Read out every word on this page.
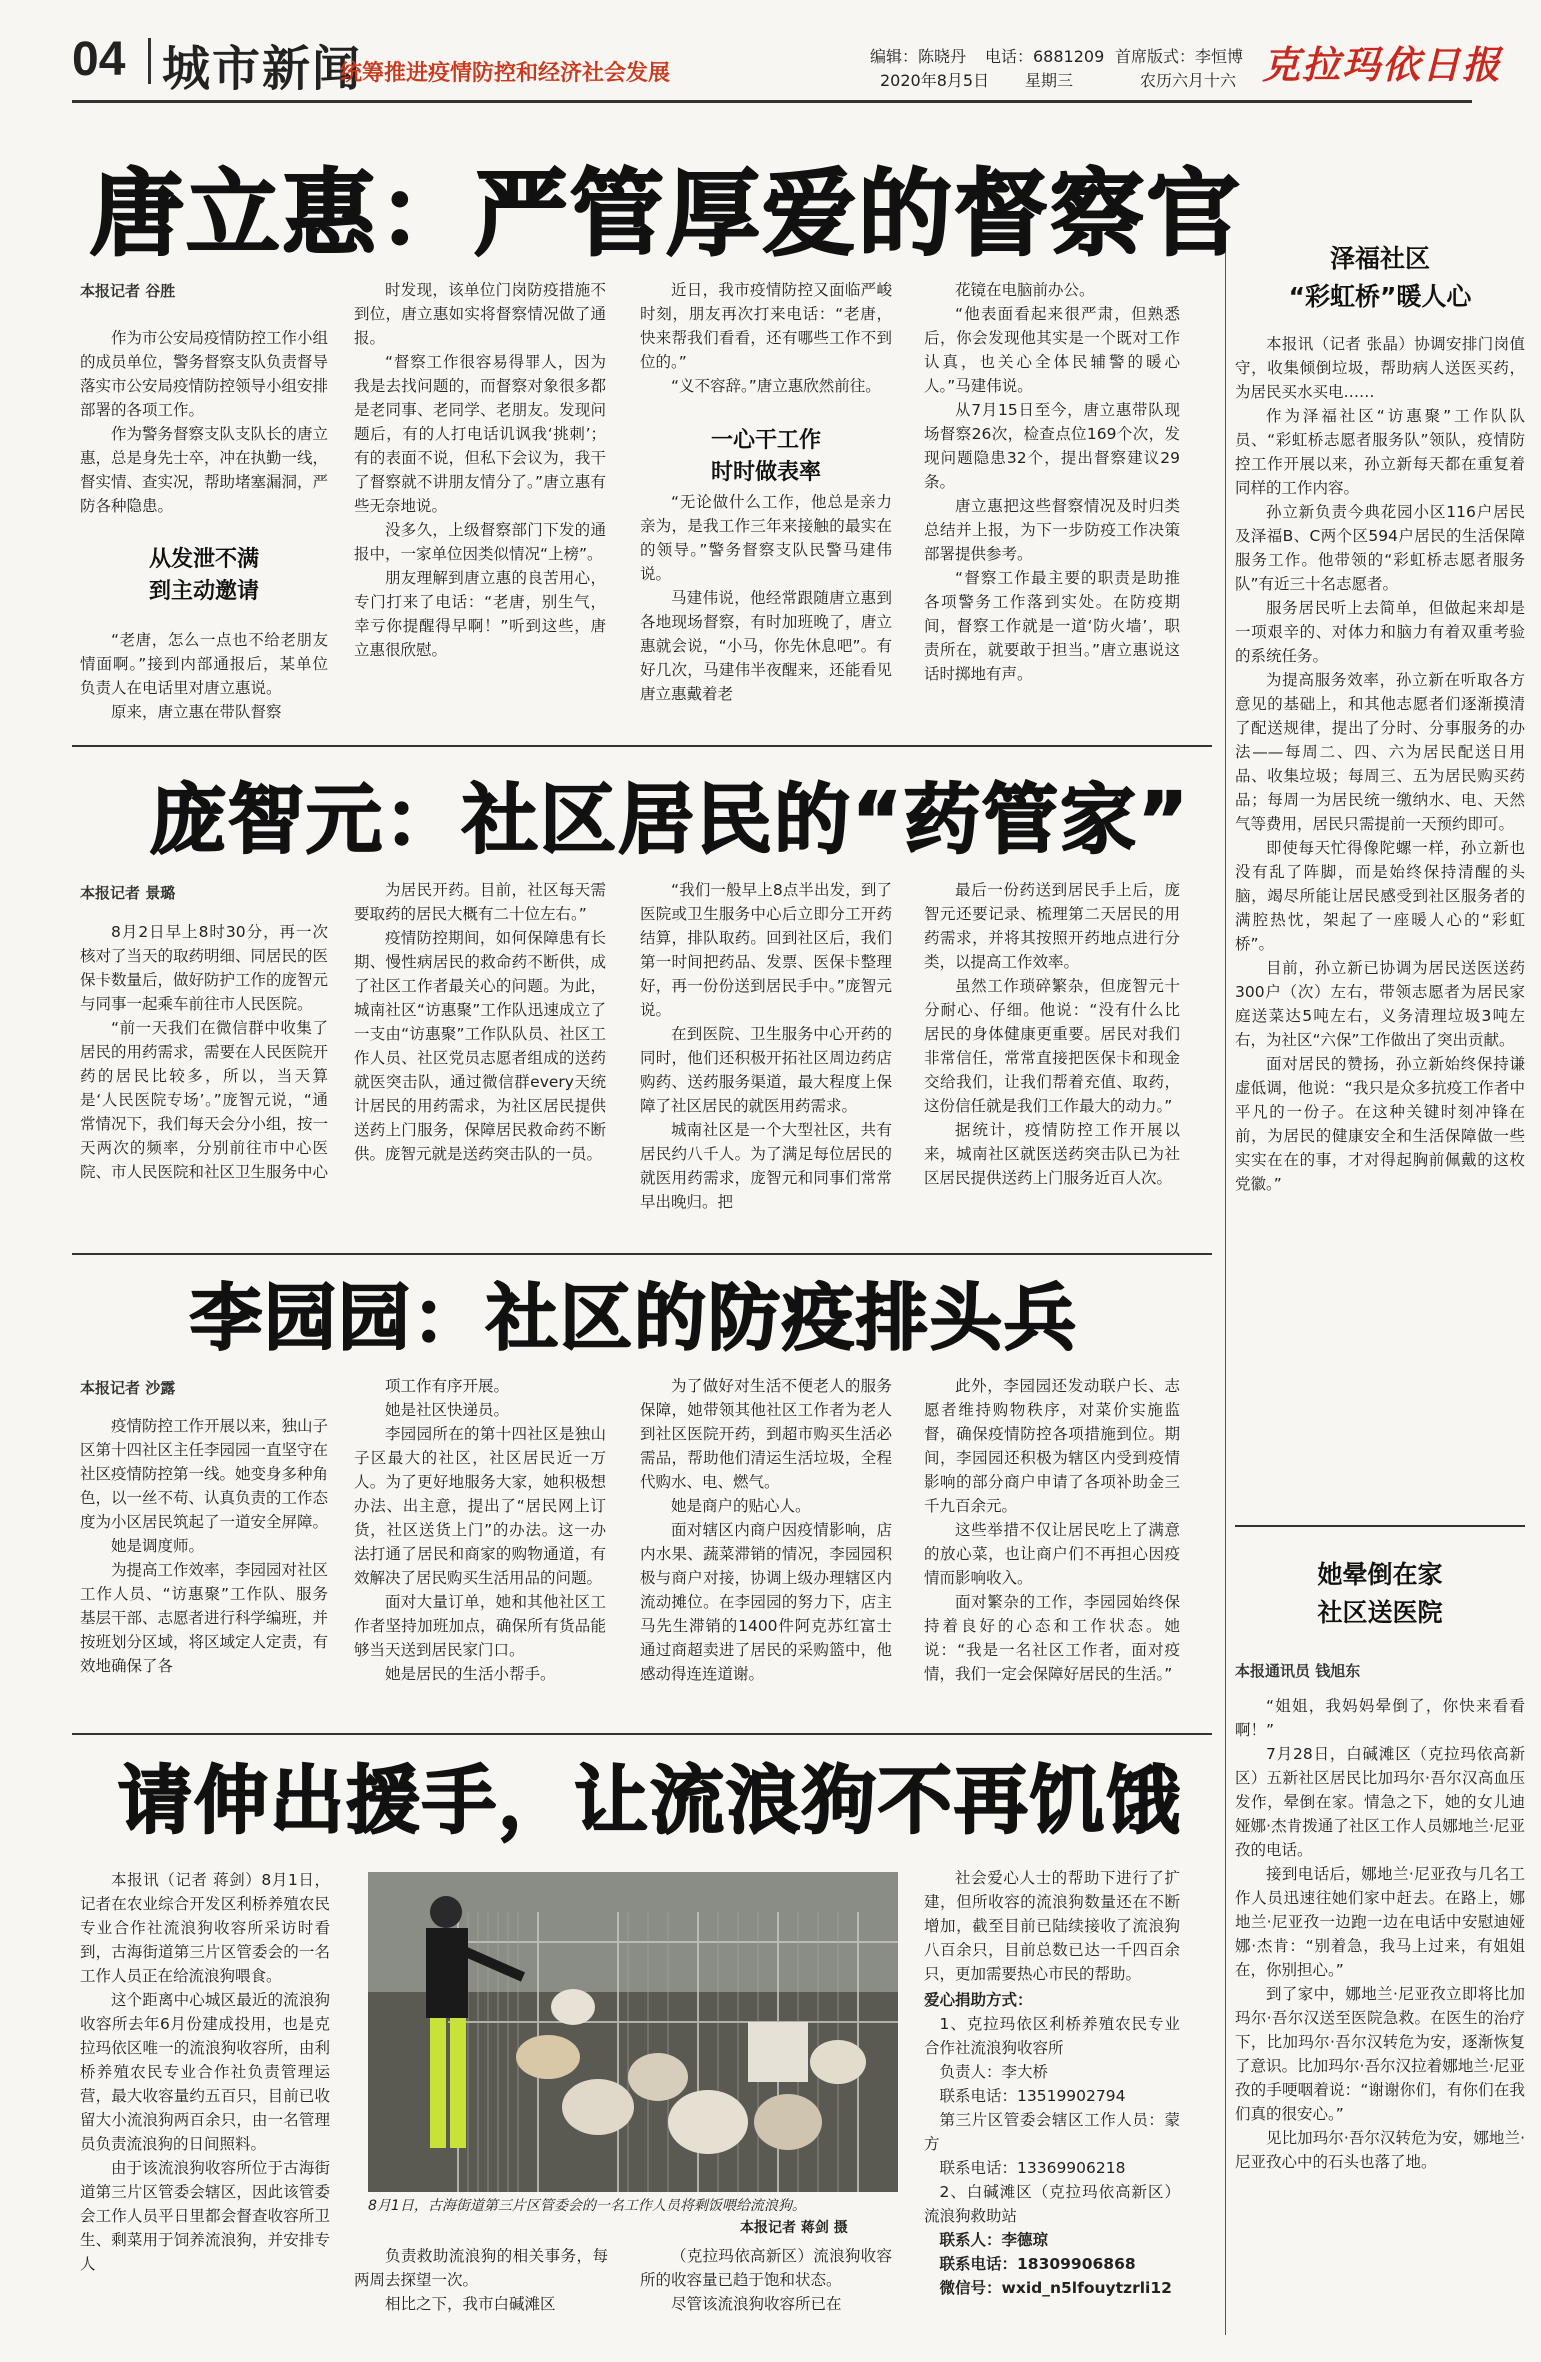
04 城市新闻
统筹推进疫情防控和经济社会发展
编辑：陈晓丹 电话：6881209 首席版式：李恒博
2020年8月5日 星期三	农历六月十六 克拉玛依日报
唐立惠：严管厚爱的督察官
本报记者 谷胜

作为市公安局疫情防控工作小组的成员单位，警务督察支队负责督导落实市公安局疫情防控领导小组安排部署的各项工作。

作为警务督察支队支队长的唐立惠，总是身先士卒，冲在执勤一线，督实情、查实况，帮助堵塞漏洞，严防各种隐患。

从发泄不满
到主动邀请

“老唐，怎么一点也不给老朋友情面啊。”接到内部通报后，某单位负责人在电话里对唐立惠说。

原来，唐立惠在带队督察

时发现，该单位门岗防疫措施不到位，唐立惠如实将督察情况做了通报。

“督察工作很容易得罪人，因为我是去找问题的，而督察对象很多都是老同事、老同学、老朋友。发现问题后，有的人打电话讥讽我‘挑刺’；有的表面不说，但私下会议为，我干了督察就不讲朋友情分了。”唐立惠有些无奈地说。

没多久，上级督察部门下发的通报中，一家单位因类似情况“上榜”。

朋友理解到唐立惠的良苦用心，专门打来了电话：“老唐，别生气，幸亏你提醒得早啊！”听到这些，唐立惠很欣慰。

近日，我市疫情防控又面临严峻时刻，朋友再次打来电话：“老唐，快来帮我们看看，还有哪些工作不到位的。”

“义不容辞。”唐立惠欣然前往。

一心干工作
时时做表率

“无论做什么工作，他总是亲力亲为，是我工作三年来接触的最实在的领导。”警务督察支队民警马建伟说。

马建伟说，他经常跟随唐立惠到各地现场督察，有时加班晚了，唐立惠就会说，“小马，你先休息吧”。有好几次，马建伟半夜醒来，还能看见唐立惠戴着老

花镜在电脑前办公。

“他表面看起来很严肃，但熟悉后，你会发现他其实是一个既对工作认真，也关心全体民辅警的暖心人。”马建伟说。

从7月15日至今，唐立惠带队现场督察26次，检查点位169个次，发现问题隐患32个，提出督察建议29条。

唐立惠把这些督察情况及时归类总结并上报，为下一步防疫工作决策部署提供参考。

“督察工作最主要的职责是助推各项警务工作落到实处。在防疫期间，督察工作就是一道‘防火墙’，职责所在，就要敢于担当。”唐立惠说这话时掷地有声。

庞智元：社区居民的“药管家”
本报记者 景璐

8月2日早上8时30分，再一次核对了当天的取药明细、同居民的医保卡数量后，做好防护工作的庞智元与同事一起乘车前往市人民医院。

“前一天我们在微信群中收集了居民的用药需求，需要在人民医院开药的居民比较多，所以，当天算是‘人民医院专场’。”庞智元说，“通常情况下，我们每天会分小组，按一天两次的频率，分别前往市中心医院、市人民医院和社区卫生服务中心

为居民开药。目前，社区每天需要取药的居民大概有二十位左右。”

疫情防控期间，如何保障患有长期、慢性病居民的救命药不断供，成了社区工作者最关心的问题。为此，城南社区“访惠聚”工作队迅速成立了一支由“访惠聚”工作队队员、社区工作人员、社区党员志愿者组成的送药就医突击队，通过微信群every天统计居民的用药需求，为社区居民提供送药上门服务，保障居民救命药不断供。庞智元就是送药突击队的一员。

“我们一般早上8点半出发，到了医院或卫生服务中心后立即分工开药结算，排队取药。回到社区后，我们第一时间把药品、发票、医保卡整理好，再一份份送到居民手中。”庞智元说。

在到医院、卫生服务中心开药的同时，他们还积极开拓社区周边药店购药、送药服务渠道，最大程度上保障了社区居民的就医用药需求。

城南社区是一个大型社区，共有居民约八千人。为了满足每位居民的就医用药需求，庞智元和同事们常常早出晚归。把

最后一份药送到居民手上后，庞智元还要记录、梳理第二天居民的用药需求，并将其按照开药地点进行分类，以提高工作效率。

虽然工作琐碎繁杂，但庞智元十分耐心、仔细。他说：“没有什么比居民的身体健康更重要。居民对我们非常信任，常常直接把医保卡和现金交给我们，让我们帮着充值、取药，这份信任就是我们工作最大的动力。”

据统计，疫情防控工作开展以来，城南社区就医送药突击队已为社区居民提供送药上门服务近百人次。

李园园：社区的防疫排头兵
本报记者 沙露

疫情防控工作开展以来，独山子区第十四社区主任李园园一直坚守在社区疫情防控第一线。她变身多种角色，以一丝不苟、认真负责的工作态度为小区居民筑起了一道安全屏障。

她是调度师。

为提高工作效率，李园园对社区工作人员、“访惠聚”工作队、服务基层干部、志愿者进行科学编班，并按班划分区域，将区域定人定责，有效地确保了各

项工作有序开展。

她是社区快递员。

李园园所在的第十四社区是独山子区最大的社区，社区居民近一万人。为了更好地服务大家，她积极想办法、出主意，提出了“居民网上订货，社区送货上门”的办法。这一办法打通了居民和商家的购物通道，有效解决了居民购买生活用品的问题。

面对大量订单，她和其他社区工作者坚持加班加点，确保所有货品能够当天送到居民家门口。

她是居民的生活小帮手。

为了做好对生活不便老人的服务保障，她带领其他社区工作者为老人到社区医院开药，到超市购买生活必需品，帮助他们清运生活垃圾，全程代购水、电、燃气。

她是商户的贴心人。

面对辖区内商户因疫情影响，店内水果、蔬菜滞销的情况，李园园积极与商户对接，协调上级办理辖区内流动摊位。在李园园的努力下，店主马先生滞销的1400件阿克苏红富士通过商超卖进了居民的采购篮中，他感动得连连道谢。

此外，李园园还发动联户长、志愿者维持购物秩序，对菜价实施监督，确保疫情防控各项措施到位。期间，李园园还积极为辖区内受到疫情影响的部分商户申请了各项补助金三千九百余元。

这些举措不仅让居民吃上了满意的放心菜，也让商户们不再担心因疫情而影响收入。

面对繁杂的工作，李园园始终保持着良好的心态和工作状态。她说：“我是一名社区工作者，面对疫情，我们一定会保障好居民的生活。”

请伸出援手，让流浪狗不再饥饿

本报讯（记者 蒋剑）8月1日，记者在农业综合开发区利桥养殖农民专业合作社流浪狗收容所采访时看到，古海街道第三片区管委会的一名工作人员正在给流浪狗喂食。

这个距离中心城区最近的流浪狗收容所去年6月份建成投用，也是克拉玛依区唯一的流浪狗收容所，由利桥养殖农民专业合作社负责管理运营，最大收容量约五百只，目前已收留大小流浪狗两百余只，由一名管理员负责流浪狗的日间照料。

由于该流浪狗收容所位于古海街道第三片区管委会辖区，因此该管委会工作人员平日里都会督查收容所卫生、剩菜用于饲养流浪狗，并安排专人

8月1日，古海街道第三片区管委会的一名工作人员将剩饭喂给流浪狗。
本报记者 蒋剑 摄

负责救助流浪狗的相关事务，每两周去探望一次。

相比之下，我市白碱滩区

（克拉玛依高新区）流浪狗收容所的收容量已趋于饱和状态。

尽管该流浪狗收容所已在

社会爱心人士的帮助下进行了扩建，但所收容的流浪狗数量还在不断增加，截至目前已陆续接收了流浪狗八百余只，目前总数已达一千四百余只，更加需要热心市民的帮助。

爱心捐助方式：
1、克拉玛依区利桥养殖农民专业合作社流浪狗收容所
负责人：李大桥
联系电话：13519902794
第三片区管委会辖区工作人员：蒙方
联系电话：13369906218
2、白碱滩区（克拉玛依高新区）流浪狗救助站
联系人：李德琼
联系电话：18309906868
微信号：wxid_n5lfouytzrli12
泽福社区
“彩虹桥”暖人心

本报讯（记者 张晶）协调安排门岗值守，收集倾倒垃圾，帮助病人送医买药，为居民买水买电……

作为泽福社区“访惠聚”工作队队员、“彩虹桥志愿者服务队”领队，疫情防控工作开展以来，孙立新每天都在重复着同样的工作内容。

孙立新负责今典花园小区116户居民及泽福B、C两个区594户居民的生活保障服务工作。他带领的“彩虹桥志愿者服务队”有近三十名志愿者。

服务居民听上去简单，但做起来却是一项艰辛的、对体力和脑力有着双重考验的系统任务。

为提高服务效率，孙立新在听取各方意见的基础上，和其他志愿者们逐渐摸清了配送规律，提出了分时、分事服务的办法——每周二、四、六为居民配送日用品、收集垃圾；每周三、五为居民购买药品；每周一为居民统一缴纳水、电、天然气等费用，居民只需提前一天预约即可。

即使每天忙得像陀螺一样，孙立新也没有乱了阵脚，而是始终保持清醒的头脑，竭尽所能让居民感受到社区服务者的满腔热忱，架起了一座暖人心的“彩虹桥”。

目前，孙立新已协调为居民送医送药300户（次）左右，带领志愿者为居民家庭送菜达5吨左右，义务清理垃圾3吨左右，为社区“六保”工作做出了突出贡献。

面对居民的赞扬，孙立新始终保持谦虚低调，他说：“我只是众多抗疫工作者中平凡的一份子。在这种关键时刻冲锋在前，为居民的健康安全和生活保障做一些实实在在的事，才对得起胸前佩戴的这枚党徽。”

她晕倒在家
社区送医院
本报通讯员 钱旭东

“姐姐，我妈妈晕倒了，你快来看看啊！”

7月28日，白碱滩区（克拉玛依高新区）五新社区居民比加玛尔·吾尔汉高血压发作，晕倒在家。情急之下，她的女儿迪娅娜·杰肯拨通了社区工作人员娜地兰·尼亚孜的电话。

接到电话后，娜地兰·尼亚孜与几名工作人员迅速往她们家中赶去。在路上，娜地兰·尼亚孜一边跑一边在电话中安慰迪娅娜·杰肯：“别着急，我马上过来，有姐姐在，你别担心。”

到了家中，娜地兰·尼亚孜立即将比加玛尔·吾尔汉送至医院急救。在医生的治疗下，比加玛尔·吾尔汉转危为安，逐渐恢复了意识。比加玛尔·吾尔汉拉着娜地兰·尼亚孜的手哽咽着说：“谢谢你们，有你们在我们真的很安心。”

见比加玛尔·吾尔汉转危为安，娜地兰·尼亚孜心中的石头也落了地。
